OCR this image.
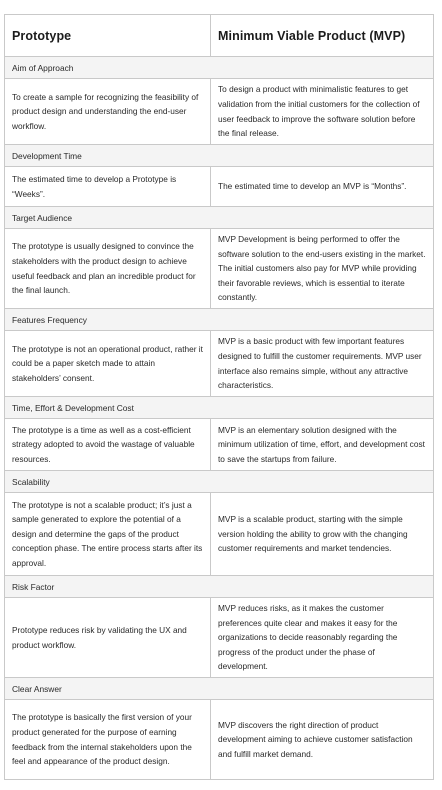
Prototype	Minimum Viable Product (MVP)
Aim of Approach	
To create a sample for recognizing the feasibility of product design and understanding the end-user workflow.	To design a product with minimalistic features to get validation from the initial customers for the collection of user feedback to improve the software solution before the final release.
Development Time	
The estimated time to develop a Prototype is “Weeks”.	The estimated time to develop an MVP is “Months”.
Target Audience	
The prototype is usually designed to convince the stakeholders with the product design to achieve useful feedback and plan an incredible product for the final launch.	MVP Development is being performed to offer the software solution to the end-users existing in the market. The initial customers also pay for MVP while providing their favorable reviews, which is essential to iterate constantly.
Features Frequency	
The prototype is not an operational product, rather it could be a paper sketch made to attain stakeholders’ consent.	MVP is a basic product with few important features designed to fulfill the customer requirements. MVP user interface also remains simple, without any attractive characteristics.
Time, Effort & Development Cost	
The prototype is a time as well as a cost-efficient strategy adopted to avoid the wastage of valuable resources.	MVP is an elementary solution designed with the minimum utilization of time, effort, and development cost to save the startups from failure.
Scalability	
The prototype is not a scalable product; it’s just a sample generated to explore the potential of a design and determine the gaps of the product conception phase. The entire process starts after its approval.	MVP is a scalable product, starting with the simple version holding the ability to grow with the changing customer requirements and market tendencies.
Risk Factor	
Prototype reduces risk by validating the UX and product workflow.	MVP reduces risks, as it makes the customer preferences quite clear and makes it easy for the organizations to decide reasonably regarding the progress of the product under the phase of development.
Clear Answer	
The prototype is basically the first version of your product generated for the purpose of earning feedback from the internal stakeholders upon the feel and appearance of the product design.	MVP discovers the right direction of product development aiming to achieve customer satisfaction and fulfill market demand.
